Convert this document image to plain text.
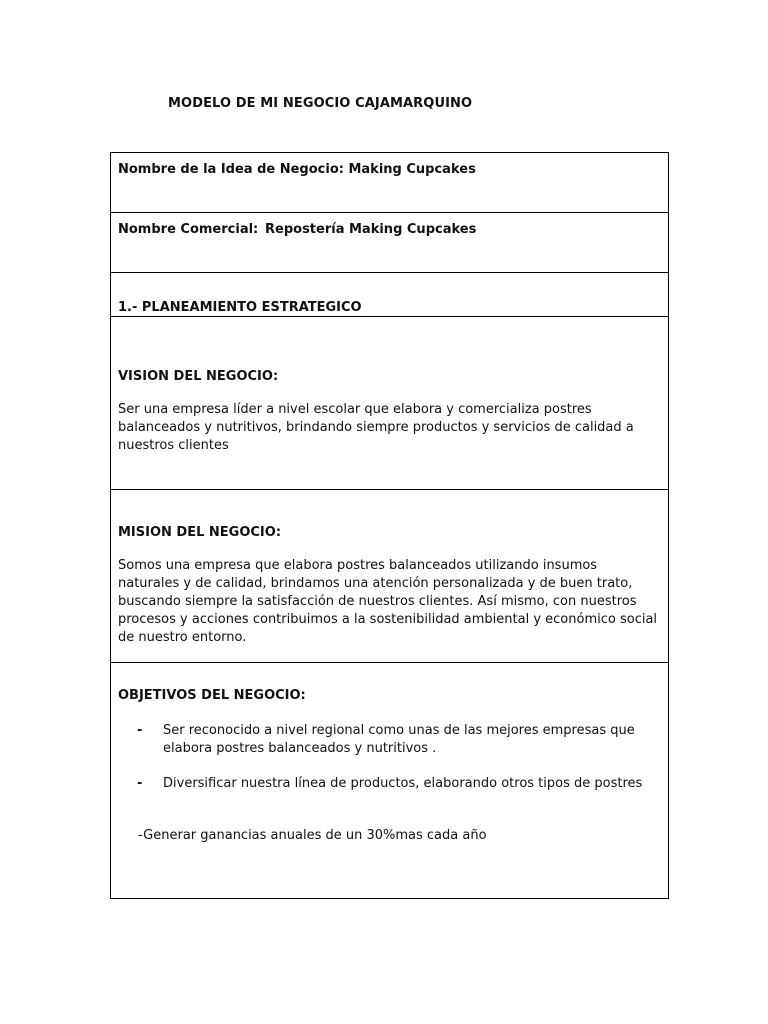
MODELO DE MI NEGOCIO CAJAMARQUINO
Nombre de la Idea de Negocio: Making Cupcakes
Nombre Comercial: Repostería Making Cupcakes
1.- PLANEAMIENTO ESTRATEGICO
VISION DEL NEGOCIO:
Ser una empresa líder a nivel escolar que elabora y comercializa postres balanceados y nutritivos, brindando siempre productos y servicios de calidad a nuestros clientes
MISION DEL NEGOCIO:
Somos una empresa que elabora postres balanceados utilizando insumos naturales y de calidad, brindamos una atención personalizada y de buen trato, buscando siempre la satisfacción de nuestros clientes. Así mismo, con nuestros procesos y acciones contribuimos a la sostenibilidad ambiental y económico social de nuestro entorno.
OBJETIVOS DEL NEGOCIO:
- Ser reconocido a nivel regional como unas de las mejores empresas que elabora postres balanceados y nutritivos .
- Diversificar nuestra línea de productos, elaborando otros tipos de postres
-Generar ganancias anuales de un 30%mas cada año
